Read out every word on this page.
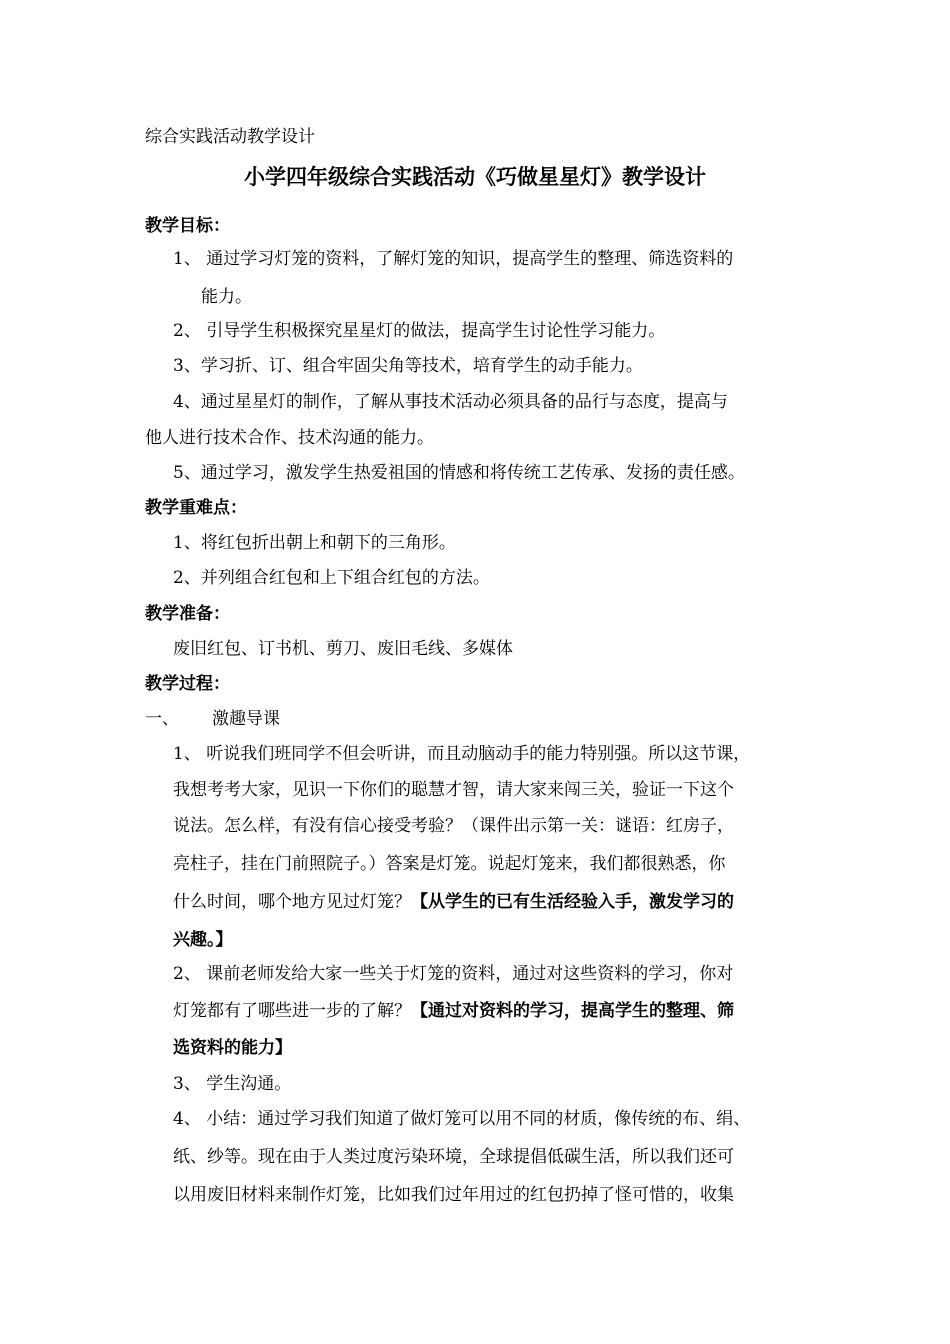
综合实践活动教学设计
小学四年级综合实践活动《巧做星星灯》教学设计
教学目标：
1、 通过学习灯笼的资料，了解灯笼的知识，提高学生的整理、筛选资料的
能力。
2、 引导学生积极探究星星灯的做法，提高学生讨论性学习能力。
3、学习折、订、组合牢固尖角等技术，培育学生的动手能力。
4、通过星星灯的制作，了解从事技术活动必须具备的品行与态度，提高与
他人进行技术合作、技术沟通的能力。
5、通过学习，激发学生热爱祖国的情感和将传统工艺传承、发扬的责任感。
教学重难点：
1、将红包折出朝上和朝下的三角形。
2、并列组合红包和上下组合红包的方法。
教学准备：
废旧红包、订书机、剪刀、废旧毛线、多媒体
教学过程：
一、 激趣导课
1、 听说我们班同学不但会听讲，而且动脑动手的能力特别强。所以这节课，
我想考考大家，见识一下你们的聪慧才智，请大家来闯三关，验证一下这个
说法。怎么样，有没有信心接受考验？（课件出示第一关：谜语：红房子，
亮柱子，挂在门前照院子。）答案是灯笼。说起灯笼来，我们都很熟悉，你
什么时间，哪个地方见过灯笼？【从学生的已有生活经验入手，激发学习的
兴趣。】
2、 课前老师发给大家一些关于灯笼的资料，通过对这些资料的学习，你对
灯笼都有了哪些进一步的了解？【通过对资料的学习，提高学生的整理、筛
选资料的能力】
3、 学生沟通。
4、 小结：通过学习我们知道了做灯笼可以用不同的材质，像传统的布、绢、
纸、纱等。现在由于人类过度污染环境，全球提倡低碳生活，所以我们还可
以用废旧材料来制作灯笼，比如我们过年用过的红包扔掉了怪可惜的，收集
